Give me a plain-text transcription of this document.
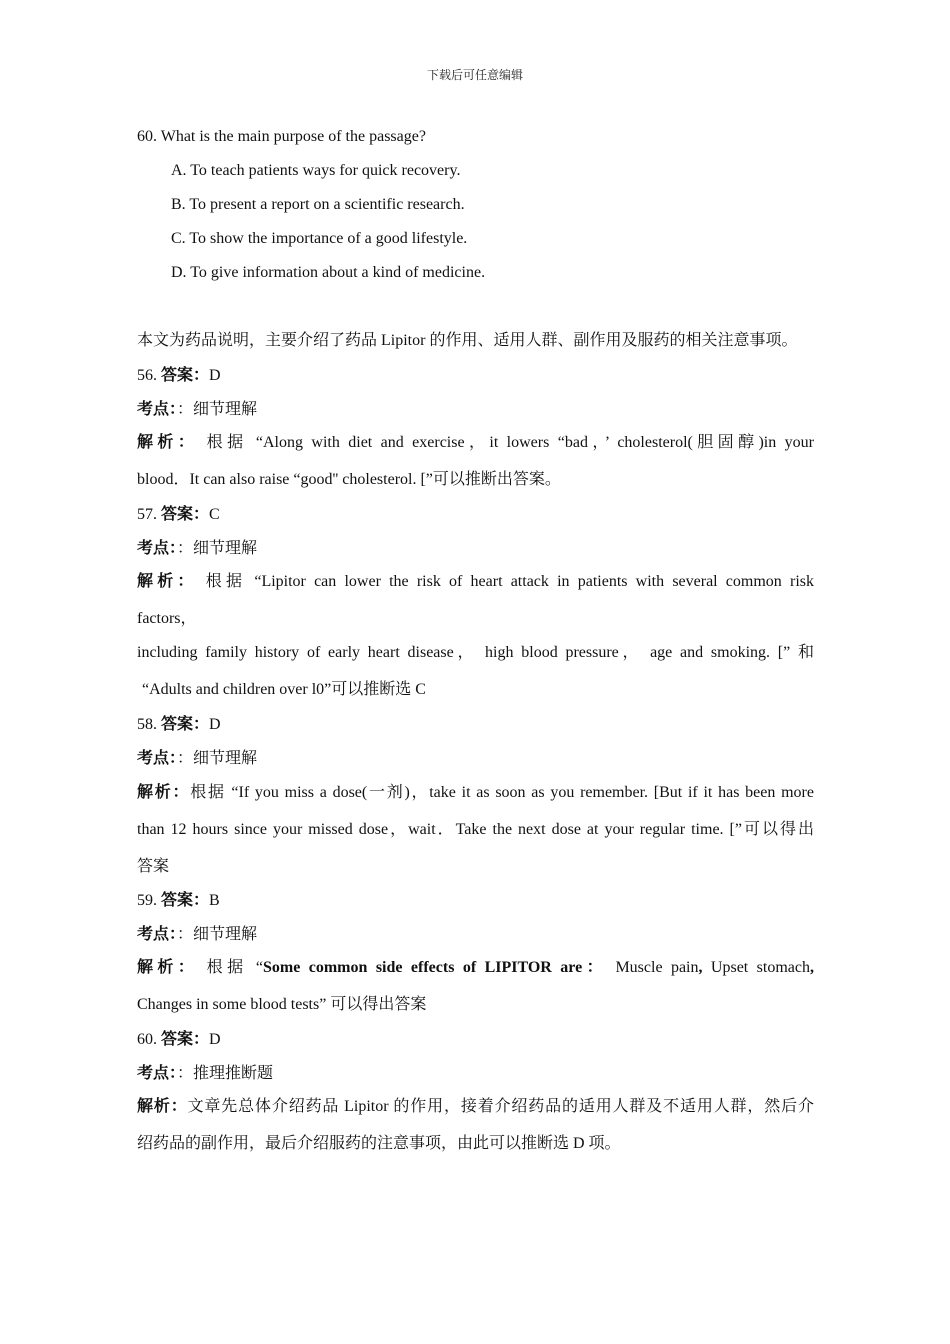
下载后可任意编辑
60. What is the main purpose of the passage?
A. To teach patients ways for quick recovery.
B. To present a report on a scientific research.
C. To show the importance of a good lifestyle.
D. To give information about a kind of medicine.
本文为药品说明，主要介绍了药品 Lipitor 的作用、适用人群、副作用及服药的相关注意事项。
56. 答案：D
考点：：细节理解
解析： 根据 “Along with diet and exercise，it lowers “bad，’ cholesterol(胆固醇)in your
blood．It can also raise “good'' cholesterol. [”可以推断出答案。
57. 答案：C
考点：：细节理解
解析： 根据 “Lipitor can lower the risk of heart attack in patients with several common risk
factors，
including family history of early heart disease， high blood pressure， age and smoking. [” 和
“Adults and children over l0”可以推断选 C
58. 答案：D
考点：：细节理解
解析：根据 “If you miss a dose(一剂)，take it as soon as you remember. [But if it has been more
than 12 hours since your missed dose，wait．Take the next dose at your regular time. [”可以得出
答案
59. 答案：B
考点：：细节理解
解析： 根据 “Some common side effects of LIPITOR are： Muscle pain, Upset stomach,
Changes in some blood tests” 可以得出答案
60. 答案：D
考点：：推理推断题
解析：文章先总体介绍药品 Lipitor 的作用，接着介绍药品的适用人群及不适用人群，然后介
绍药品的副作用，最后介绍服药的注意事项，由此可以推断选 D 项。
